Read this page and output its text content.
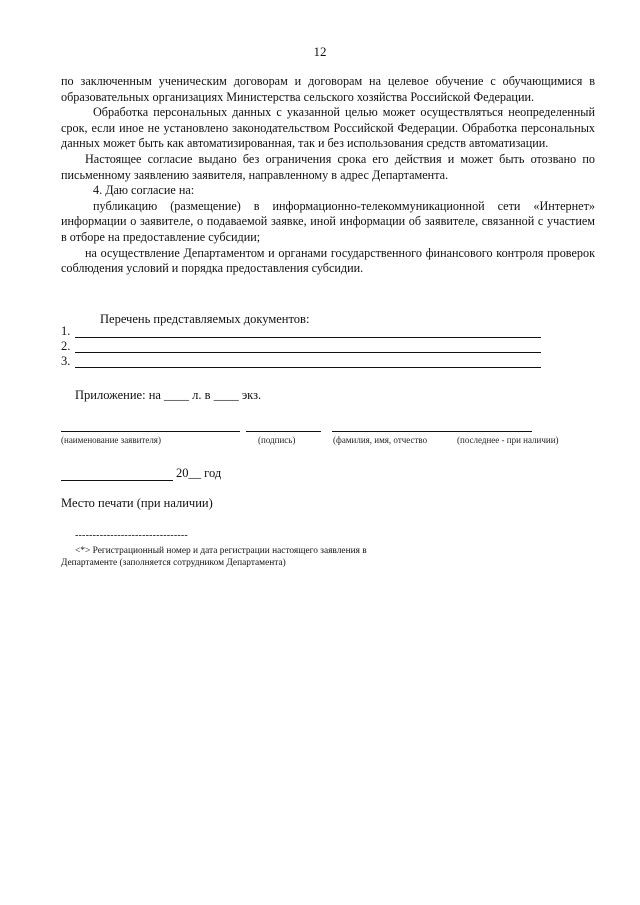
12

по заключенным ученическим договорам и договорам на целевое обучение с обучающимися в образовательных организациях Министерства сельского хозяйства Российской Федерации.

Обработка персональных данных с указанной целью может осуществляться неопределенный срок, если иное не установлено законодательством Российской Федерации. Обработка персональных данных может быть как автоматизированная, так и без использования средств автоматизации.

Настоящее согласие выдано без ограничения срока его действия и может быть отозвано по письменному заявлению заявителя, направленному в адрес Департамента.

4. Даю согласие на:

публикацию (размещение) в информационно-телекоммуникационной сети «Интернет» информации о заявителе, о подаваемой заявке, иной информации об заявителе, связанной с участием в отборе на предоставление субсидии;

на осуществление Департаментом и органами государственного финансового контроля проверок соблюдения условий и порядка предоставления субсидии.

Перечень представляемых документов:
1.
2.
3.
Приложение: на ____ л. в ____ экз.
(наименование заявителя)	(подпись)	(фамилия, имя, отчество	(последнее - при наличии)
20__ год
Место печати (при наличии)
--------------------------------

<*> Регистрационный номер и дата регистрации настоящего заявления в

Департаменте (заполняется сотрудником Департамента)
